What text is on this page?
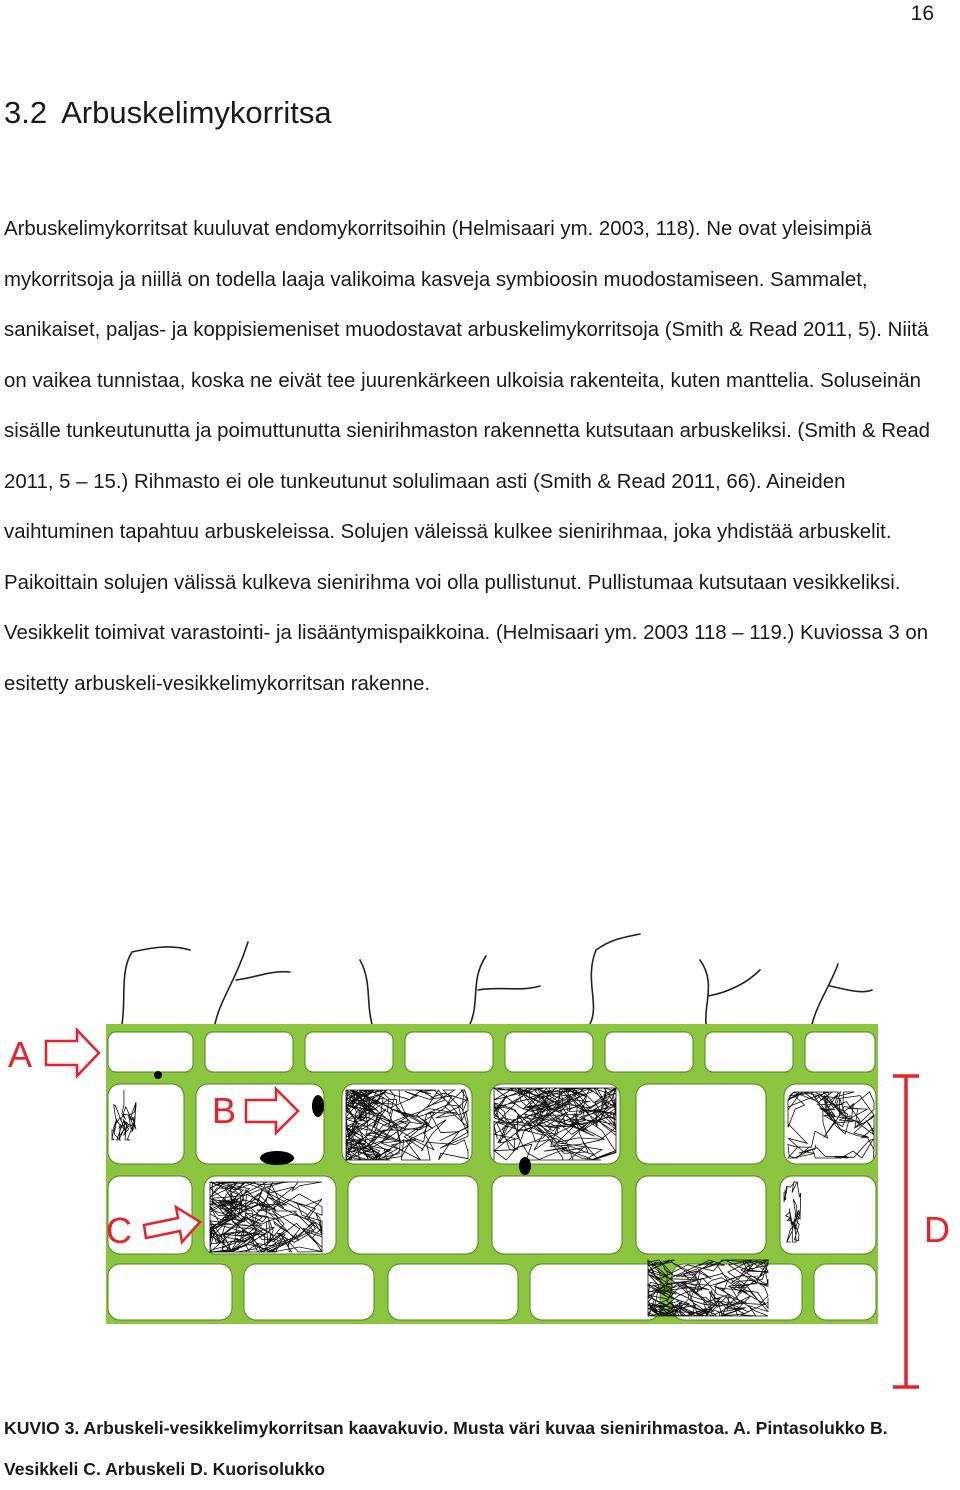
16
3.2 Arbuskelimykorritsa

Arbuskelimykorritsat kuuluvat endomykorritsoihin (Helmisaari ym. 2003, 118). Ne ovat yleisimpiä mykorritsoja ja niillä on todella laaja valikoima kasveja symbioosin muodostamiseen. Sammalet, sanikaiset, paljas- ja koppisiemeniset muodostavat arbuskelimykorritsoja (Smith & Read 2011, 5). Niitä on vaikea tunnistaa, koska ne eivät tee juurenkärkeen ulkoisia rakenteita, kuten manttelia. Soluseinän sisälle tunkeutunutta ja poimuttunutta sienirihmaston rakennetta kutsutaan arbuskeliksi. (Smith & Read 2011, 5 – 15.) Rihmasto ei ole tunkeutunut solulimaan asti (Smith & Read 2011, 66). Aineiden vaihtuminen tapahtuu arbuskeleissa. Solujen väleissä kulkee sienirihmaa, joka yhdistää arbuskelit. Paikoittain solujen välissä kulkeva sienirihma voi olla pullistunut. Pullistumaa kutsutaan vesikkeliksi. Vesikkelit toimivat varastointi- ja lisääntymispaikkoina. (Helmisaari ym. 2003 118 – 119.) Kuviossa 3 on esitetty arbuskeli-vesikkelimykorritsan rakenne.

A
B
C	D

KUVIO 3. Arbuskeli-vesikkelimykorritsan kaavakuvio. Musta väri kuvaa sienirihmastoa. A. Pintasolukko B. Vesikkeli C. Arbuskeli D. Kuorisolukko
